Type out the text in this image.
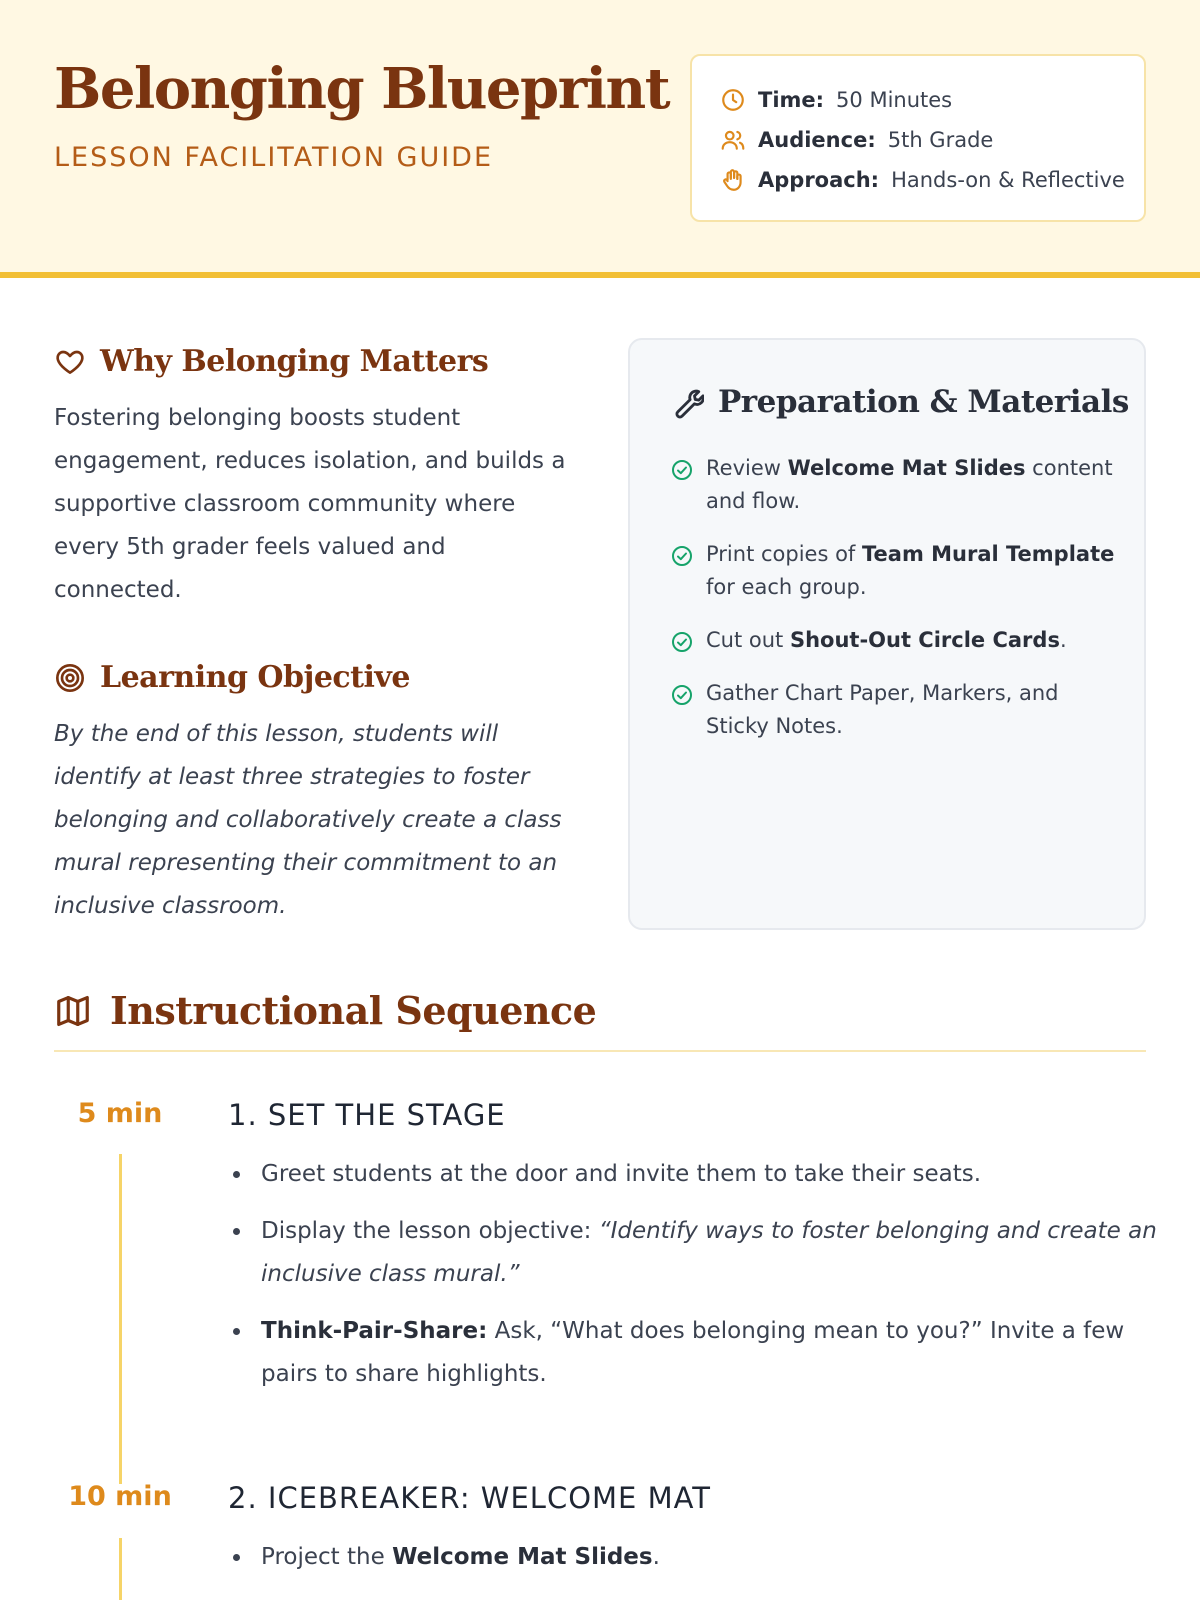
Belonging Blueprint
LESSON FACILITATION GUIDE
Time: 50 Minutes
Audience: 5th Grade
Approach: Hands-on & Reflective
Why Belonging Matters
Fostering belonging boosts student engagement, reduces isolation, and builds a supportive classroom community where every 5th grader feels valued and connected.
Learning Objective
By the end of this lesson, students will identify at least three strategies to foster belonging and collaboratively create a class mural representing their commitment to an inclusive classroom.
Preparation & Materials
Review Welcome Mat Slides content and flow.
Print copies of Team Mural Template for each group.
Cut out Shout-Out Circle Cards.
Gather Chart Paper, Markers, and Sticky Notes.
Instructional Sequence
5 min	1. SET THE STAGE
Greet students at the door and invite them to take their seats.
Display the lesson objective: “Identify ways to foster belonging and create an inclusive class mural.”
Think-Pair-Share: Ask, “What does belonging mean to you?” Invite a few pairs to share highlights.
10 min	2. ICEBREAKER: WELCOME MAT
Project the Welcome Mat Slides.
